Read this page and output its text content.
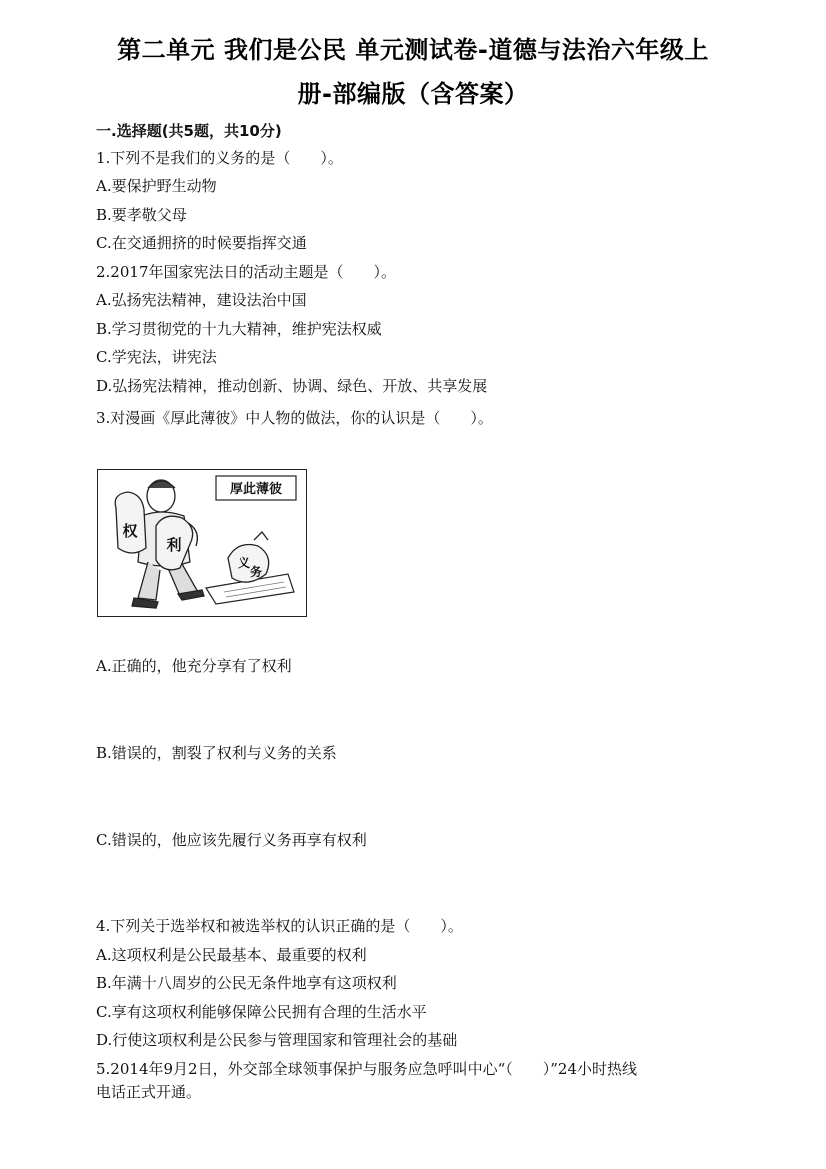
第二单元 我们是公民 单元测试卷-道德与法治六年级上
册-部编版（含答案）
一.选择题(共5题，共10分)
1.下列不是我们的义务的是（　　）。
A.要保护野生动物
B.要孝敬父母
C.在交通拥挤的时候要指挥交通
2.2017年国家宪法日的活动主题是（　　）。
A.弘扬宪法精神，建设法治中国
B.学习贯彻党的十九大精神，维护宪法权威
C.学宪法，讲宪法
D.弘扬宪法精神，推动创新、协调、绿色、开放、共享发展
3.对漫画《厚此薄彼》中人物的做法，你的认识是（　　）。
厚此薄彼
权
利
义
务
A.正确的，他充分享有了权利
B.错误的，割裂了权利与义务的关系
C.错误的，他应该先履行义务再享有权利
4.下列关于选举权和被选举权的认识正确的是（　　）。
A.这项权利是公民最基本、最重要的权利
B.年满十八周岁的公民无条件地享有这项权利
C.享有这项权利能够保障公民拥有合理的生活水平
D.行使这项权利是公民参与管理国家和管理社会的基础
5.2014年9月2日，外交部全球领事保护与服务应急呼叫中心“（　　）”24小时热线
电话正式开通。
